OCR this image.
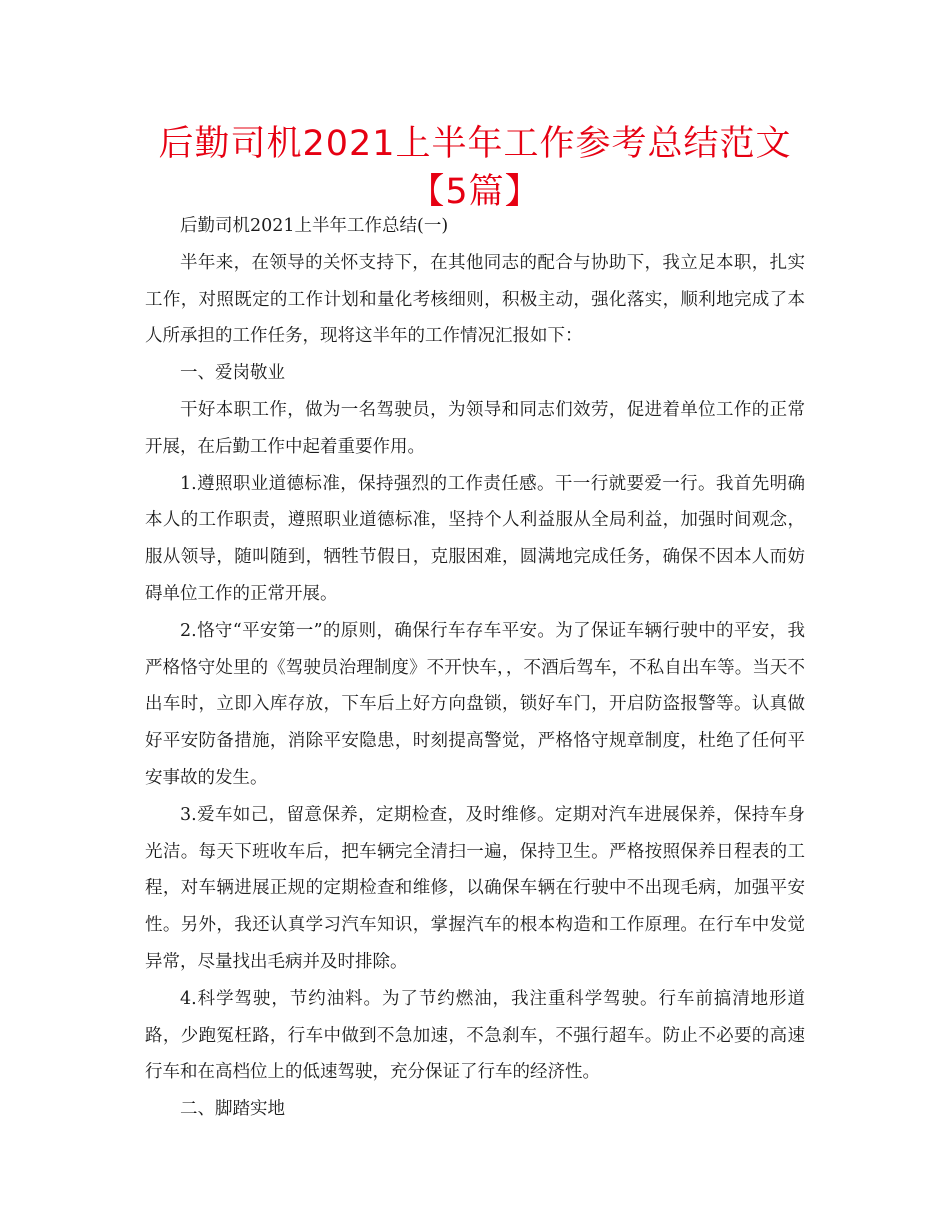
后勤司机2021上半年工作参考总结范文【5篇】

后勤司机2021上半年工作总结(一)

半年来，在领导的关怀支持下，在其他同志的配合与协助下，我立足本职，扎实工作，对照既定的工作计划和量化考核细则，积极主动，强化落实，顺利地完成了本人所承担的工作任务，现将这半年的工作情况汇报如下：

一、爱岗敬业

干好本职工作，做为一名驾驶员，为领导和同志们效劳，促进着单位工作的正常开展，在后勤工作中起着重要作用。

1.遵照职业道德标准，保持强烈的工作责任感。干一行就要爱一行。我首先明确本人的工作职责，遵照职业道德标准，坚持个人利益服从全局利益，加强时间观念，服从领导，随叫随到，牺牲节假日，克服困难，圆满地完成任务，确保不因本人而妨碍单位工作的正常开展。

2.恪守“平安第一”的原则，确保行车存车平安。为了保证车辆行驶中的平安，我严格恪守处里的《驾驶员治理制度》不开快车，，不酒后驾车，不私自出车等。当天不出车时，立即入库存放，下车后上好方向盘锁，锁好车门，开启防盗报警等。认真做好平安防备措施，消除平安隐患，时刻提高警觉，严格恪守规章制度，杜绝了任何平安事故的发生。

3.爱车如己，留意保养，定期检查，及时维修。定期对汽车进展保养，保持车身光洁。每天下班收车后，把车辆完全清扫一遍，保持卫生。严格按照保养日程表的工程，对车辆进展正规的定期检查和维修，以确保车辆在行驶中不出现毛病，加强平安性。另外，我还认真学习汽车知识，掌握汽车的根本构造和工作原理。在行车中发觉异常，尽量找出毛病并及时排除。

4.科学驾驶，节约油料。为了节约燃油，我注重科学驾驶。行车前搞清地形道路，少跑冤枉路，行车中做到不急加速，不急刹车，不强行超车。防止不必要的高速行车和在高档位上的低速驾驶，充分保证了行车的经济性。

二、脚踏实地
